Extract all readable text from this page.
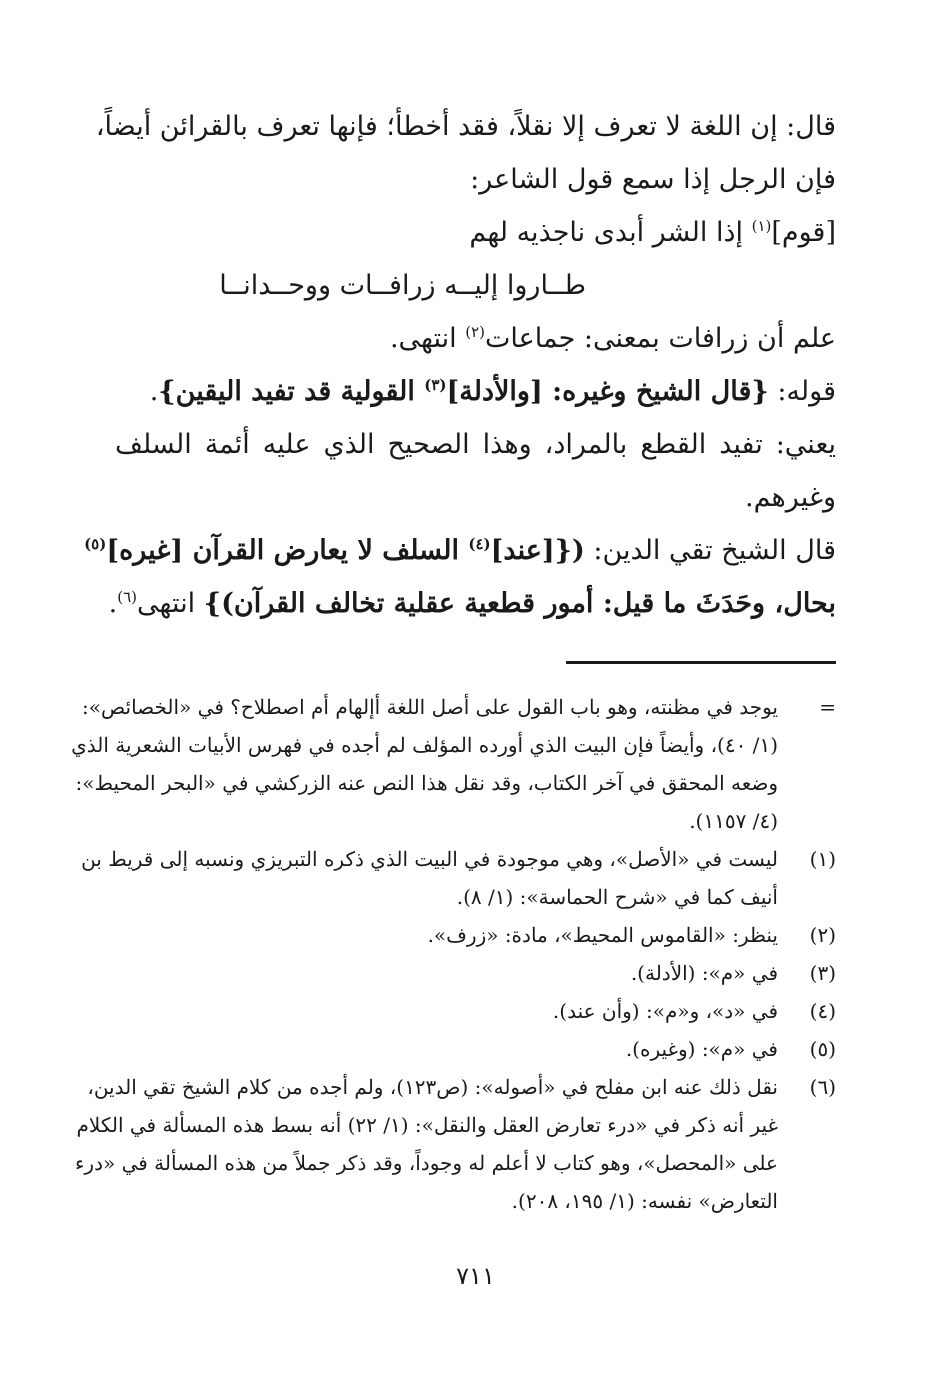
قال: إن اللغة لا تعرف إلا نقلاً، فقد أخطأ؛ فإنها تعرف بالقرائن أيضاً،
فإن الرجل إذا سمع قول الشاعر:
[قوم]$^{(١)}$ إذا الشر أبدى ناجذيه لهم
طــاروا إليــه زرافــات ووحــدانــا
علم أن زرافات بمعنى: جماعات$^{(٢)}$ انتهى.
قوله: {قال الشيخ وغيره: [والأدلة]$^{(٣)}$ القولية قد تفيد اليقين}.
يعني: تفيد القطع بالمراد، وهذا الصحيح الذي عليه أئمة السلف
وغيرهم.
قال الشيخ تقي الدين: ({[عند]$^{(٤)}$ السلف لا يعارض القرآن [غيره]$^{(٥)}$
بحال، وحَدَثَ ما قيل: أمور قطعية عقلية تخالف القرآن)} انتهى$^{(٦)}$.
=
يوجد في مظنته، وهو باب القول على أصل اللغة أإلهام أم اصطلاح؟ في «الخصائص»:
(١/ ٤٠)، وأيضاً فإن البيت الذي أورده المؤلف لم أجده في فهرس الأبيات الشعرية الذي
وضعه المحقق في آخر الكتاب، وقد نقل هذا النص عنه الزركشي في «البحر المحيط»:
(٤/ ١١٥٧).
(١)
ليست في «الأصل»، وهي موجودة في البيت الذي ذكره التبريزي ونسبه إلى قريط بن
أنيف كما في «شرح الحماسة»: (١/ ٨).
(٢)
ينظر: «القاموس المحيط»، مادة: «زرف».
(٣)
في «م»: (الأدلة).
(٤)
في «د»، و«م»: (وأن عند).
(٥)
في «م»: (وغيره).
(٦)
نقل ذلك عنه ابن مفلح في «أصوله»: (ص١٢٣)، ولم أجده من كلام الشيخ تقي الدين،
غير أنه ذكر في «درء تعارض العقل والنقل»: (١/ ٢٢) أنه بسط هذه المسألة في الكلام
على «المحصل»، وهو كتاب لا أعلم له وجوداً، وقد ذكر جملاً من هذه المسألة في «درء
التعارض» نفسه: (١/ ١٩٥، ٢٠٨).
٧١١
